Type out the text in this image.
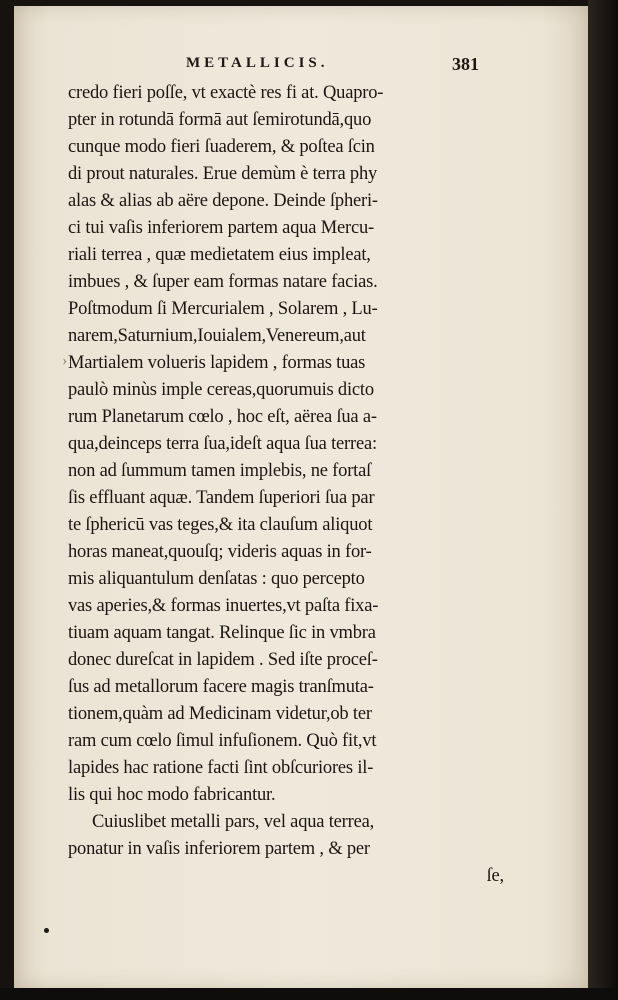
METALLICIS.	381
›
credo fieri poſſe, vt exactè res fi at. Quapro-
pter in rotundā formā aut ſemirotundā,quo
cunque modo fieri ſuaderem, & poſtea ſcin
di prout naturales. Erue demùm è terra phy
alas & alias ab aëre depone. Deinde ſpheri-
ci tui vaſis inferiorem partem aqua Mercu-
riali terrea , quæ medietatem eius impleat,
imbues , & ſuper eam formas natare facias.
Poſtmodum ſi Mercurialem , Solarem , Lu-
narem,Saturnium,Iouialem,Venereum,aut
Martialem volueris lapidem , formas tuas
paulò minùs imple cereas,quorumuis dicto
rum Planetarum cœlo , hoc eſt, aërea ſua a-
qua,deinceps terra ſua,ideſt aqua ſua terrea:
non ad ſummum tamen implebis, ne fortaſ
ſis effluant aquæ. Tandem ſuperiori ſua par
te ſphericū vas teges,& ita clauſum aliquot
horas maneat,quouſq; videris aquas in for-
mis aliquantulum denſatas : quo percepto
vas aperies,& formas inuertes,vt paſta fixa-
tiuam aquam tangat. Relinque ſic in vmbra
donec dureſcat in lapidem . Sed iſte proceſ-
ſus ad metallorum facere magis tranſmuta-
tionem,quàm ad Medicinam videtur,ob ter
ram cum cœlo ſimul infuſionem. Quò fit,vt
lapides hac ratione facti ſint obſcuriores il-
lis qui hoc modo fabricantur.
Cuiuslibet metalli pars, vel aqua terrea,
ponatur in vaſis inferiorem partem , & per
ſe,
